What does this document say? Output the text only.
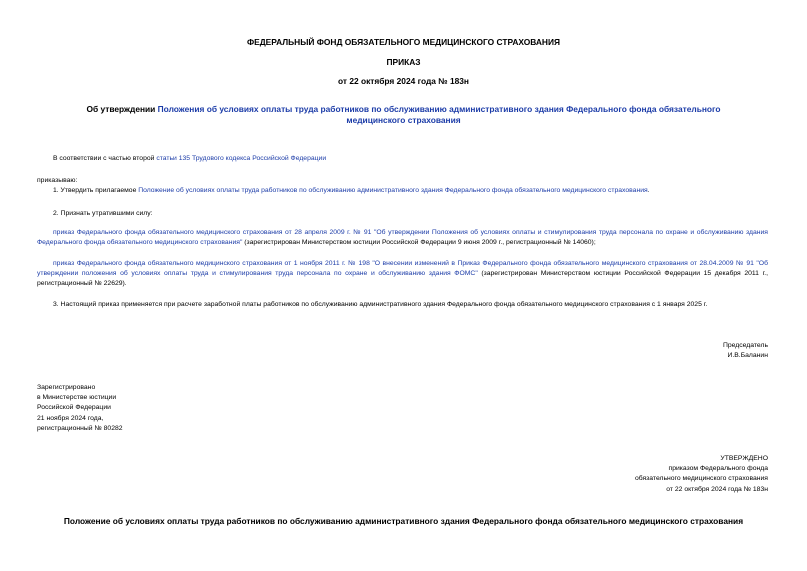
ФЕДЕРАЛЬНЫЙ ФОНД ОБЯЗАТЕЛЬНОГО МЕДИЦИНСКОГО СТРАХОВАНИЯ
ПРИКАЗ
от 22 октября 2024 года № 183н
Об утверждении Положения об условиях оплаты труда работников по обслуживанию административного здания Федерального фонда обязательного
медицинского страхования
В соответствии с частью второй статьи 135 Трудового кодекса Российской Федерации
приказываю:
1. Утвердить прилагаемое Положение об условиях оплаты труда работников по обслуживанию административного здания Федерального фонда обязательного медицинского страхования.
2. Признать утратившими силу:
приказ Федерального фонда обязательного медицинского страхования от 28 апреля 2009 г. № 91 "Об утверждении Положения об условиях оплаты и стимулирования труда персонала по охране и обслуживанию здания Федерального фонда обязательного медицинского страхования" (зарегистрирован Министерством юстиции Российской Федерации 9 июня 2009 г., регистрационный № 14060);
приказ Федерального фонда обязательного медицинского страхования от 1 ноября 2011 г. № 198 "О внесении изменений в Приказ Федерального фонда обязательного медицинского страхования от 28.04.2009 № 91 "Об утверждении положения об условиях оплаты труда и стимулирования труда персонала по охране и обслуживанию здания ФОМС" (зарегистрирован Министерством юстиции Российской Федерации 15 декабря 2011 г., регистрационный № 22629).
3. Настоящий приказ применяется при расчете заработной платы работников по обслуживанию административного здания Федерального фонда обязательного медицинского страхования с 1 января 2025 г.
Председатель
И.В.Баланин
Зарегистрировано
в Министерстве юстиции
Российской Федерации
21 ноября 2024 года,
регистрационный № 80282
УТВЕРЖДЕНО
приказом Федерального фонда
обязательного медицинского страхования
от 22 октября 2024 года № 183н
Положение об условиях оплаты труда работников по обслуживанию административного здания Федерального фонда обязательного медицинского страхования
